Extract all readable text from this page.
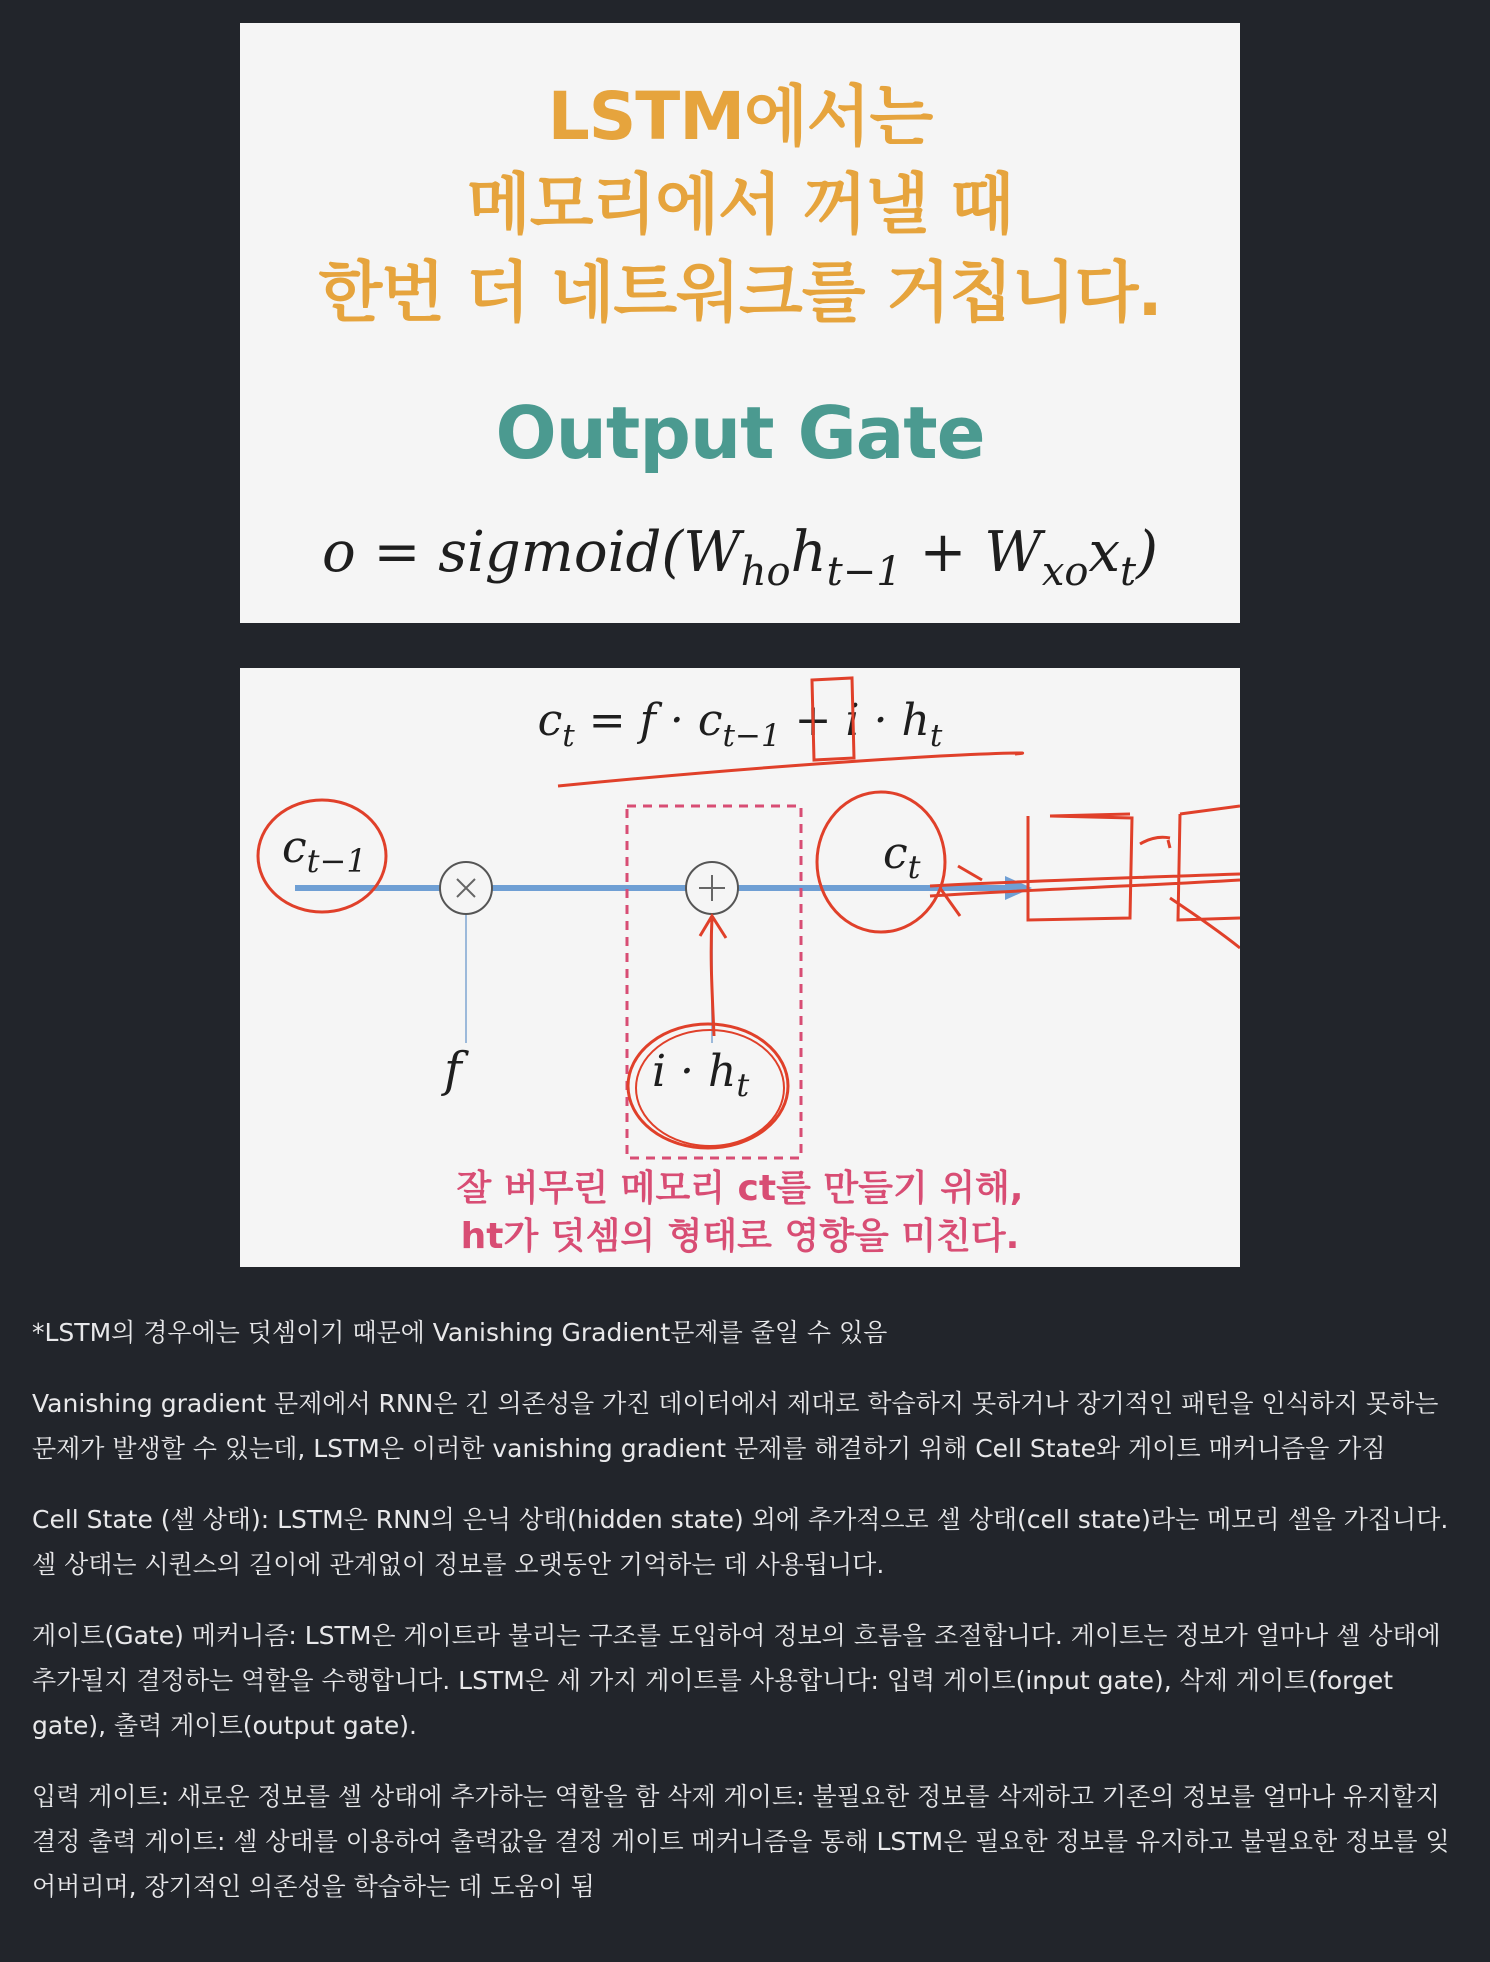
LSTM에서는
메모리에서 꺼낼 때
한번 더 네트워크를 거칩니다.
Output Gate
$o = sigmoid(W_{ho}h_{t-1} + W_{xo}x_t)$
$c_t = f \cdot c_{t-1} + i \cdot h_t$
$c_{t-1}$	$c_t$
f	$i \cdot h_t$
잘 버무린 메모리 ct를 만들기 위해,
ht가 덧셈의 형태로 영향을 미친다.

*LSTM의 경우에는 덧셈이기 때문에 Vanishing Gradient문제를 줄일 수 있음

Vanishing gradient 문제에서 RNN은 긴 의존성을 가진 데이터에서 제대로 학습하지 못하거나 장기적인 패턴을 인식하지 못하는 문제가 발생할 수 있는데, LSTM은 이러한 vanishing gradient 문제를 해결하기 위해 Cell State와 게이트 매커니즘을 가짐

Cell State (셀 상태): LSTM은 RNN의 은닉 상태(hidden state) 외에 추가적으로 셀 상태(cell state)라는 메모리 셀을 가집니다. 셀 상태는 시퀀스의 길이에 관계없이 정보를 오랫동안 기억하는 데 사용됩니다.

게이트(Gate) 메커니즘: LSTM은 게이트라 불리는 구조를 도입하여 정보의 흐름을 조절합니다. 게이트는 정보가 얼마나 셀 상태에 추가될지 결정하는 역할을 수행합니다. LSTM은 세 가지 게이트를 사용합니다: 입력 게이트(input gate), 삭제 게이트(forget gate), 출력 게이트(output gate).

입력 게이트: 새로운 정보를 셀 상태에 추가하는 역할을 함 삭제 게이트: 불필요한 정보를 삭제하고 기존의 정보를 얼마나 유지할지 결정 출력 게이트: 셀 상태를 이용하여 출력값을 결정 게이트 메커니즘을 통해 LSTM은 필요한 정보를 유지하고 불필요한 정보를 잊어버리며, 장기적인 의존성을 학습하는 데 도움이 됨
